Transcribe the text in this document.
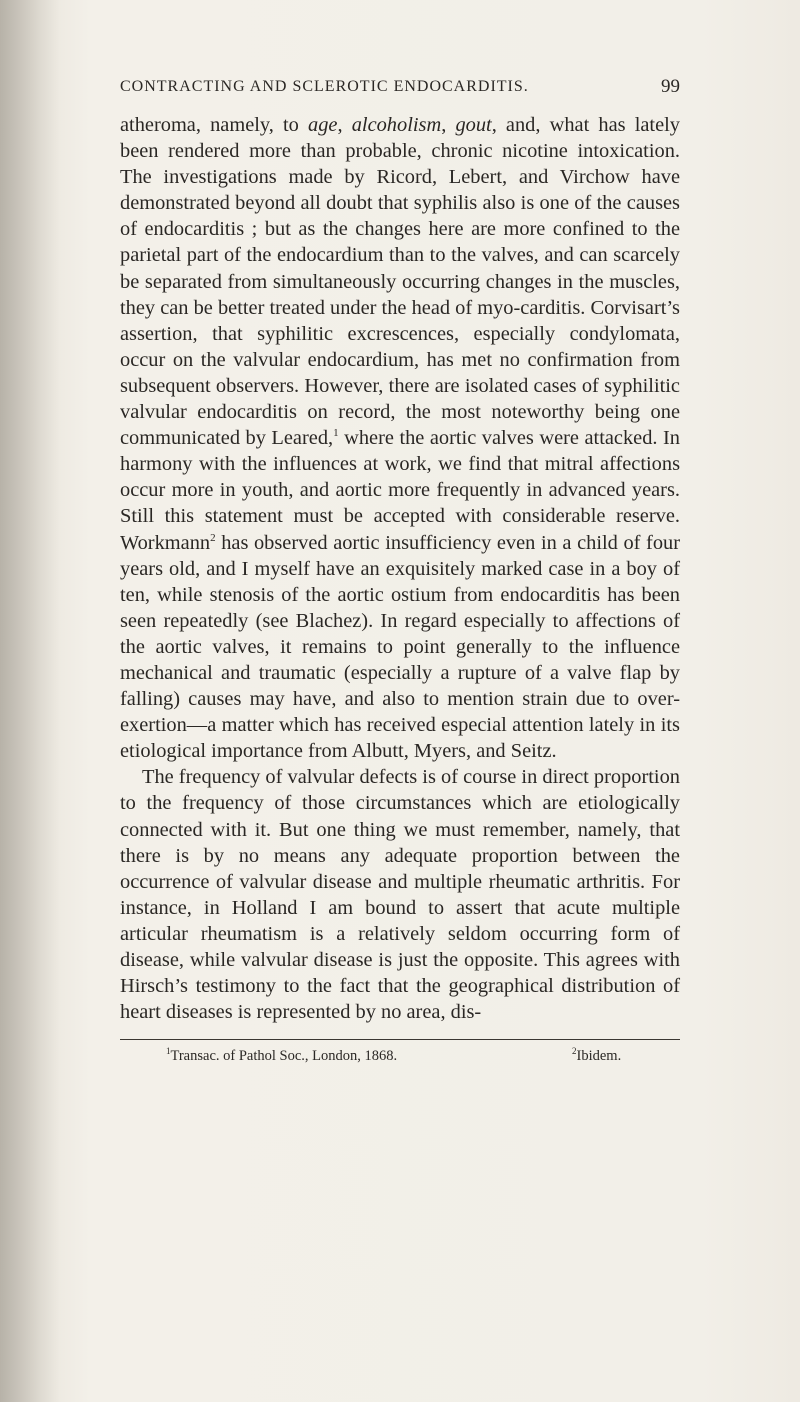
CONTRACTING AND SCLEROTIC ENDOCARDITIS.	99

atheroma, namely, to age, alcoholism, gout, and, what has lately been rendered more than probable, chronic nicotine intoxication. The investigations made by Ricord, Lebert, and Virchow have demonstrated beyond all doubt that syphilis also is one of the causes of endocarditis ; but as the changes here are more confined to the parietal part of the endocardium than to the valves, and can scarcely be separated from simultaneously occurring changes in the muscles, they can be better treated under the head of myo-carditis. Corvisart’s assertion, that syphilitic excrescences, especially condylomata, occur on the valvular endocardium, has met no confirmation from subsequent observers. However, there are isolated cases of syphilitic valvular endocarditis on record, the most noteworthy being one communicated by Leared,$^1$ where the aortic valves were attacked. In harmony with the influences at work, we find that mitral affections occur more in youth, and aortic more frequently in advanced years. Still this statement must be accepted with considerable reserve. Workmann$^2$ has observed aortic insufficiency even in a child of four years old, and I myself have an exquisitely marked case in a boy of ten, while stenosis of the aortic ostium from endocarditis has been seen repeatedly (see Blachez). In regard especially to affections of the aortic valves, it remains to point generally to the influence mechanical and traumatic (especially a rupture of a valve flap by falling) causes may have, and also to mention strain due to over-exertion—a matter which has received especial attention lately in its etiological importance from Albutt, Myers, and Seitz.

The frequency of valvular defects is of course in direct proportion to the frequency of those circumstances which are etiologically connected with it. But one thing we must remember, namely, that there is by no means any adequate proportion between the occurrence of valvular disease and multiple rheumatic arthritis. For instance, in Holland I am bound to assert that acute multiple articular rheumatism is a relatively seldom occurring form of disease, while valvular disease is just the opposite. This agrees with Hirsch’s testimony to the fact that the geographical distribution of heart diseases is represented by no area, dis-

$^1$Transac. of Pathol Soc., London, 1868.	$^2$Ibidem.
